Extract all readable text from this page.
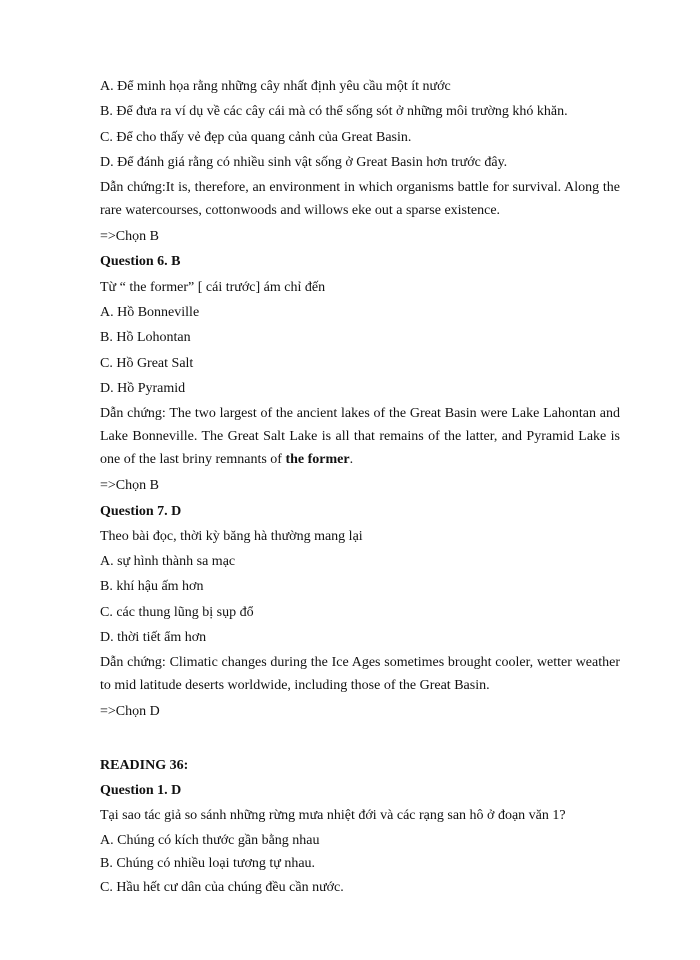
A. Để minh họa rằng những cây nhất định yêu cầu một ít nước
B. Để đưa ra ví dụ về các cây cái mà có thể sống sót ở những môi trường khó khăn.
C. Để cho thấy vẻ đẹp của quang cảnh của Great Basin.
D. Để đánh giá rằng có nhiều sinh vật sống ở Great Basin hơn trước đây.
Dẫn chứng:It is, therefore, an environment in which organisms battle for survival. Along the rare watercourses, cottonwoods and willows eke out a sparse existence.
=>Chọn B
Question 6. B
Từ “ the former” [ cái trước] ám chỉ đến
A. Hồ Bonneville
B. Hồ Lohontan
C. Hồ Great Salt
D. Hồ Pyramid
Dẫn chứng: The two largest of the ancient lakes of the Great Basin were Lake Lahontan and Lake Bonneville. The Great Salt Lake is all that remains of the latter, and Pyramid Lake is one of the last briny remnants of the former.
=>Chọn B
Question 7. D
Theo bài đọc, thời kỳ băng hà thường mang lại
A. sự hình thành sa mạc
B. khí hậu ấm hơn
C. các thung lũng bị sụp đổ
D. thời tiết ẩm hơn
Dẫn chứng: Climatic changes during the Ice Ages sometimes brought cooler, wetter weather to mid latitude deserts worldwide, including those of the Great Basin.
=>Chọn D
READING 36:
Question 1. D
Tại sao tác giả so sánh những rừng mưa nhiệt đới và các rạng san hô ở đoạn văn 1?
A. Chúng có kích thước gần bằng nhau
B. Chúng có nhiều loại tương tự nhau.
C. Hầu hết cư dân của chúng đều cần nước.
